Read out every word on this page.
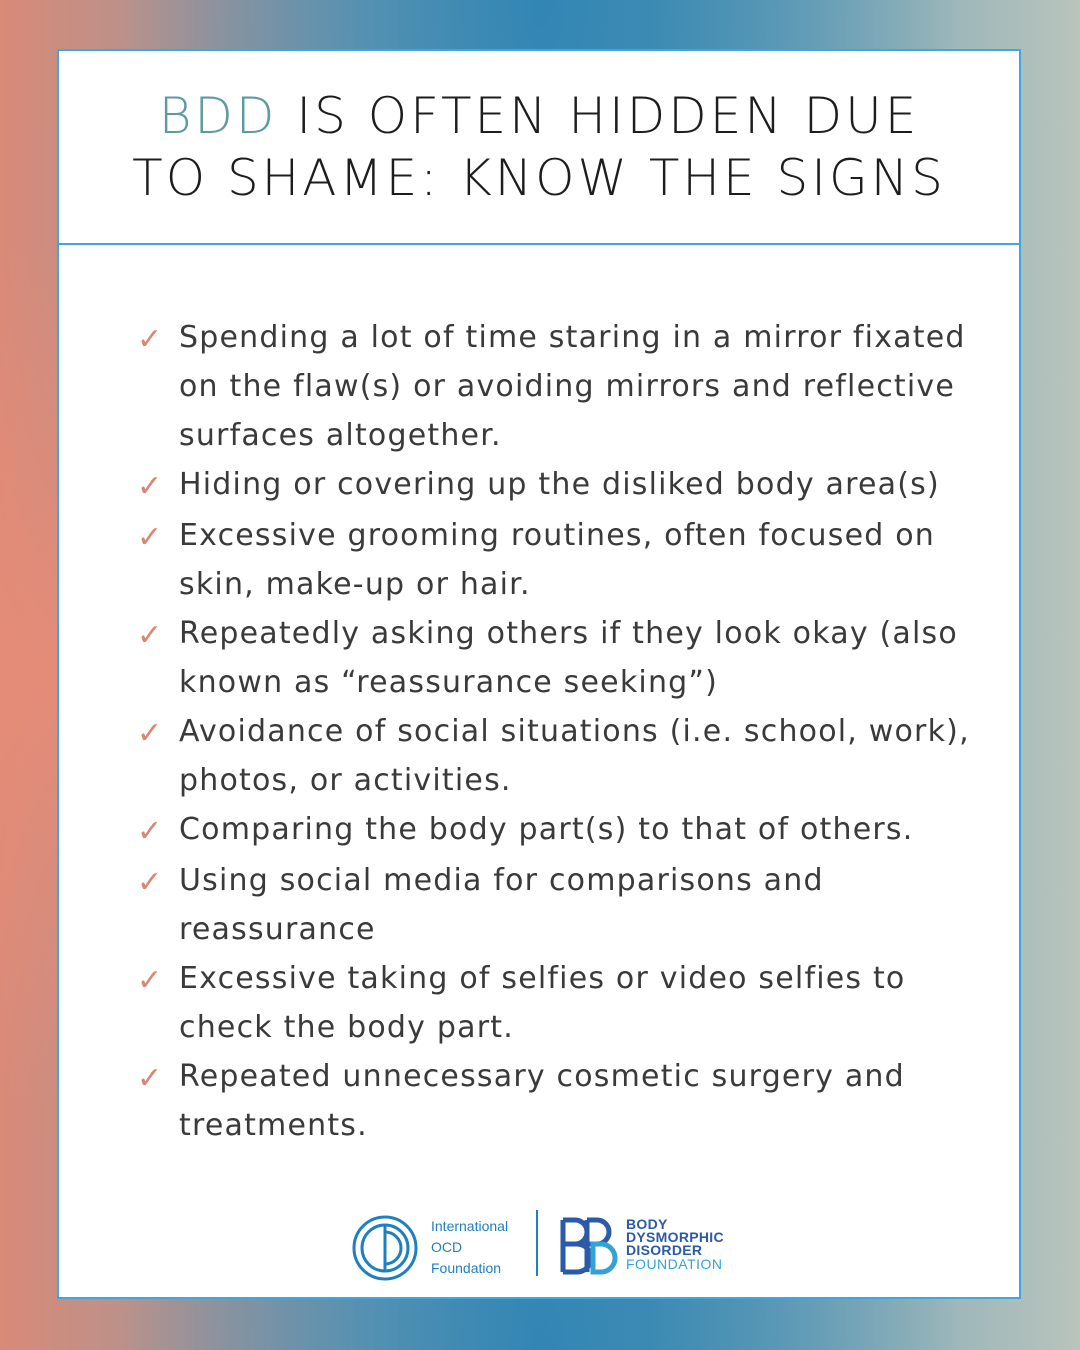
BDD IS OFTEN HIDDEN DUE
TO SHAME: KNOW THE SIGNS
✓ Spending a lot of time staring in a mirror fixated on the flaw(s) or avoiding mirrors and reflective surfaces altogether.
✓ Hiding or covering up the disliked body area(s)
✓ Excessive grooming routines, often focused on skin, make-up or hair.
✓ Repeatedly asking others if they look okay (also known as “reassurance seeking”)
✓ Avoidance of social situations (i.e. school, work), photos, or activities.
✓ Comparing the body part(s) to that of others.
✓ Using social media for comparisons and reassurance
✓ Excessive taking of selfies or video selfies to check the body part.
✓ Repeated unnecessary cosmetic surgery and treatments.
International
OCD
Foundation
BODY
DYSMORPHIC
DISORDER
FOUNDATION
